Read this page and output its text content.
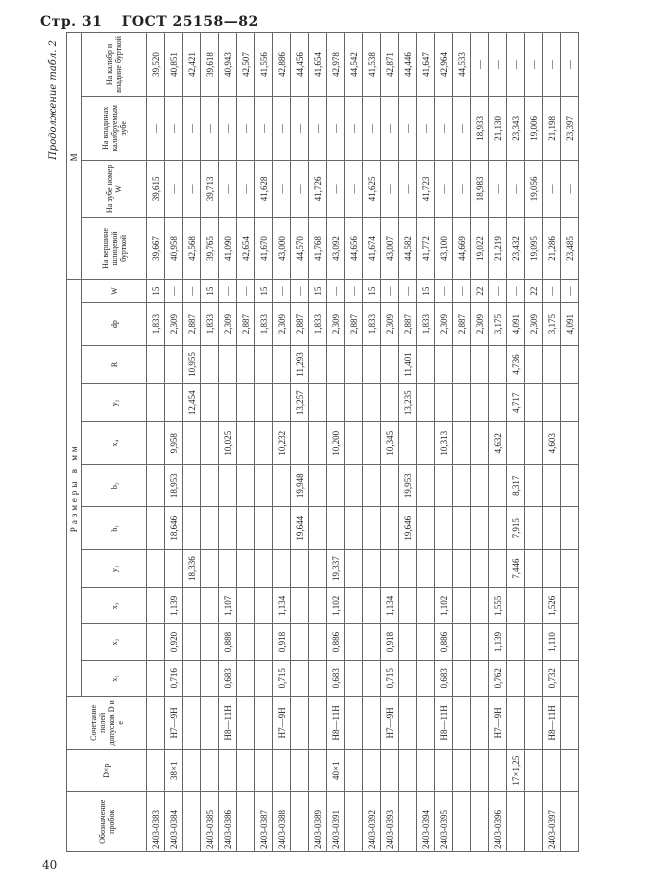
Стр. 31 ГОСТ 25158—82
Продолжение табл. 2
Обозначение пробок	D×p	Сочетание полей допусков D и e	Размеры в мм											M			
			x₁	x₂	x₃	y₁	b₁	b₂	x₄	y₂	R	dр	W	На вершине шлицевой бурткой	На зубе номер W	На впадинах калибруемым зубе	На калибр и впадине бурткой
2403-0383												1,833	15	39,667	39,615	—	39,520
2403-0384	38×1	H7—9H	0,716	0,920	1,139		18,646	18,953	9,958			2,309	—	40,958	—	—	40,851
						18,336				12,454	10,955	2,887	—	42,568	—	—	42,421
2403-0385												1,833	15	39,765	39,713	—	39,618
2403-0386		H8—11H	0,683	0,888	1,107				10,025			2,309	—	41,090	—	—	40,943
												2,887	—	42,654	—	—	42,507
2403-0387												1,833	15	41,670	41,628	—	41,556
2403-0388		H7—9H	0,715	0,918	1,134				10,232			2,309	—	43,000	—	—	42,886
							19,644	19,948		13,257	11,293	2,887	—	44,570	—	—	44,456
2403-0389												1,833	15	41,768	41,726	—	41,654
2403-0391	40×1	H8—11H	0,683	0,886	1,102	19,337			10,200			2,309	—	43,092	—	—	42,978
												2,887	—	44,656	—	—	44,542
2403-0392												1,833	15	41,674	41,625	—	41,538
2403-0393		H7—9H	0,715	0,918	1,134				10,345			2,309	—	43,007	—	—	42,871
							19,646	19,953		13,235	11,401	2,887	—	44,582	—	—	44,446
2403-0394												1,833	15	41,772	41,723	—	41,647
2403-0395		H8—11H	0,683	0,886	1,102				10,313			2,309	—	43,100	—	—	42,964
												2,887	—	44,669	—	—	44,533
												2,309	22	19,022	18,983	18,933	—
2403-0396		H7—9H	0,762	1,139	1,555				4,632			3,175	—	21,219	—	21,130	—
	17×1,25					7,446	7,915	8,317		4,717	4,736	4,091	—	23,432	—	23,343	—
												2,309	22	19,095	19,056	19,006	—
2403-0397		H8—11H	0,732	1,110	1,526				4,603			3,175	—	21,286	—	21,198	—
												4,091	—	23,485	—	23,397	—
40
